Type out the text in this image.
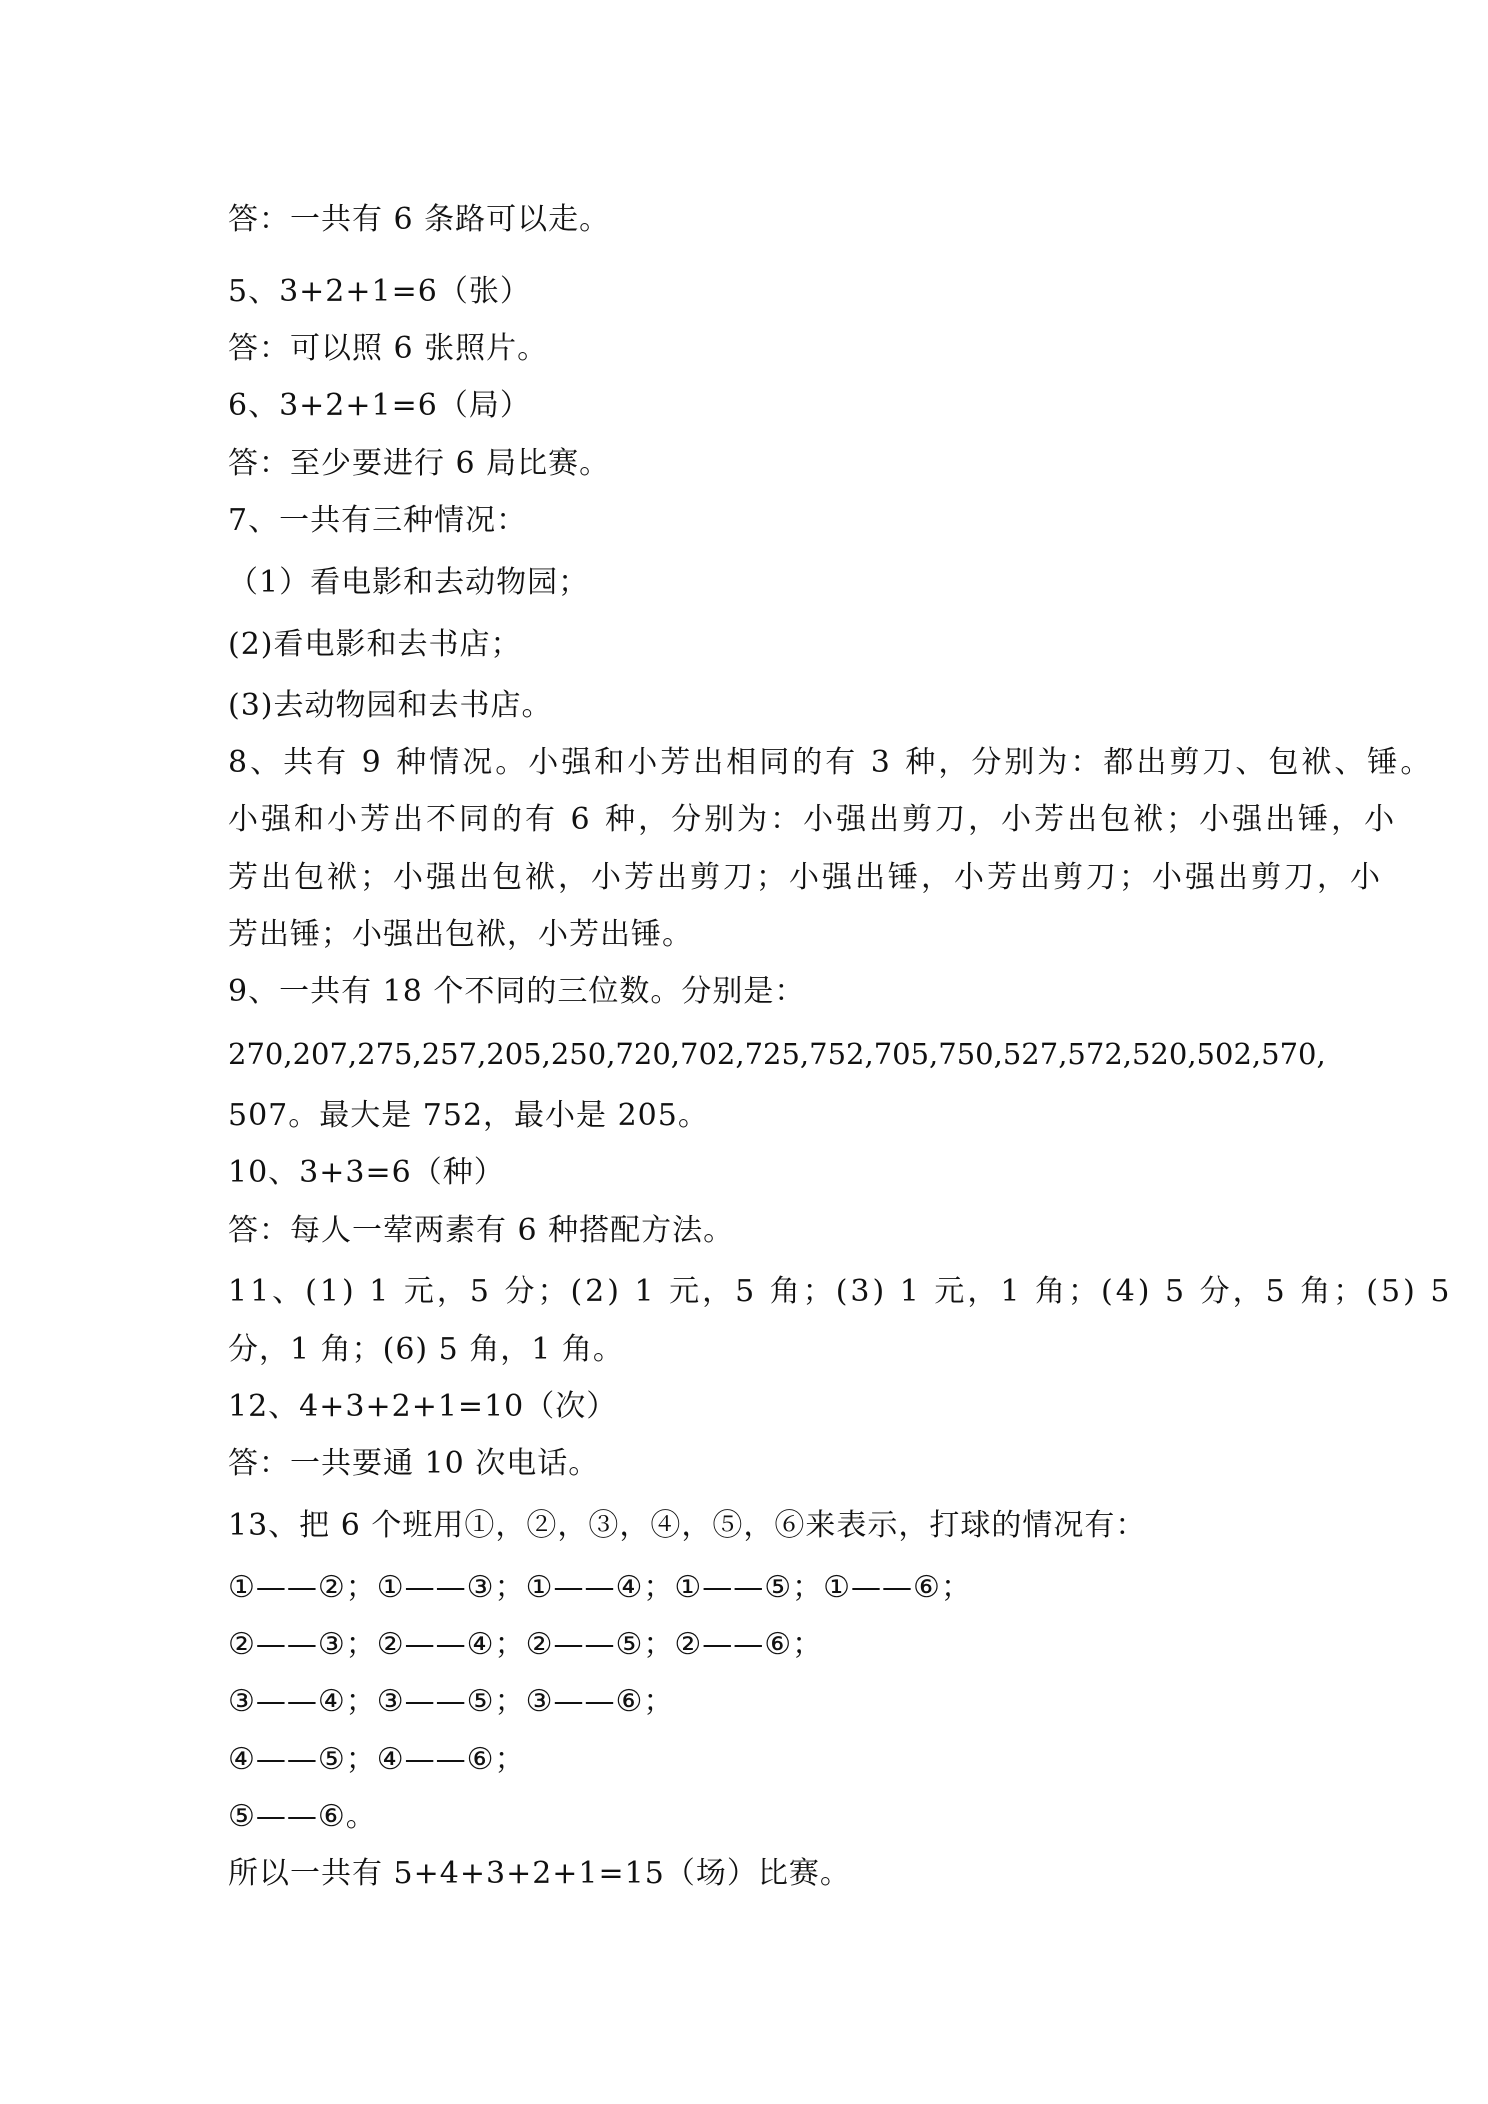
答：一共有 6 条路可以走。
5、3+2+1=6（张）
答：可以照 6 张照片。
6、3+2+1=6（局）
答：至少要进行 6 局比赛。
7、一共有三种情况：
（1）看电影和去动物园；
(2)看电影和去书店；
(3)去动物园和去书店。
8、共有 9 种情况。小强和小芳出相同的有 3 种，分别为：都出剪刀、包袱、锤。
小强和小芳出不同的有 6 种，分别为：小强出剪刀，小芳出包袱；小强出锤，小
芳出包袱；小强出包袱，小芳出剪刀；小强出锤，小芳出剪刀；小强出剪刀，小
芳出锤；小强出包袱，小芳出锤。
9、一共有 18 个不同的三位数。分别是：
270,207,275,257,205,250,720,702,725,752,705,750,527,572,520,502,570,
507。最大是 752，最小是 205。
10、3+3=6（种）
答：每人一荤两素有 6 种搭配方法。
11、(1) 1 元，5 分；(2) 1 元，5 角；(3) 1 元，1 角；(4) 5 分，5 角；(5) 5
分，1 角；(6) 5 角，1 角。
12、4+3+2+1=10（次）
答：一共要通 10 次电话。
13、把 6 个班用①，②，③，④，⑤，⑥来表示，打球的情况有：
①——②；①——③；①——④；①——⑤；①——⑥；
②——③；②——④；②——⑤；②——⑥；
③——④；③——⑤；③——⑥；
④——⑤；④——⑥；
⑤——⑥。
所以一共有 5+4+3+2+1=15（场）比赛。
